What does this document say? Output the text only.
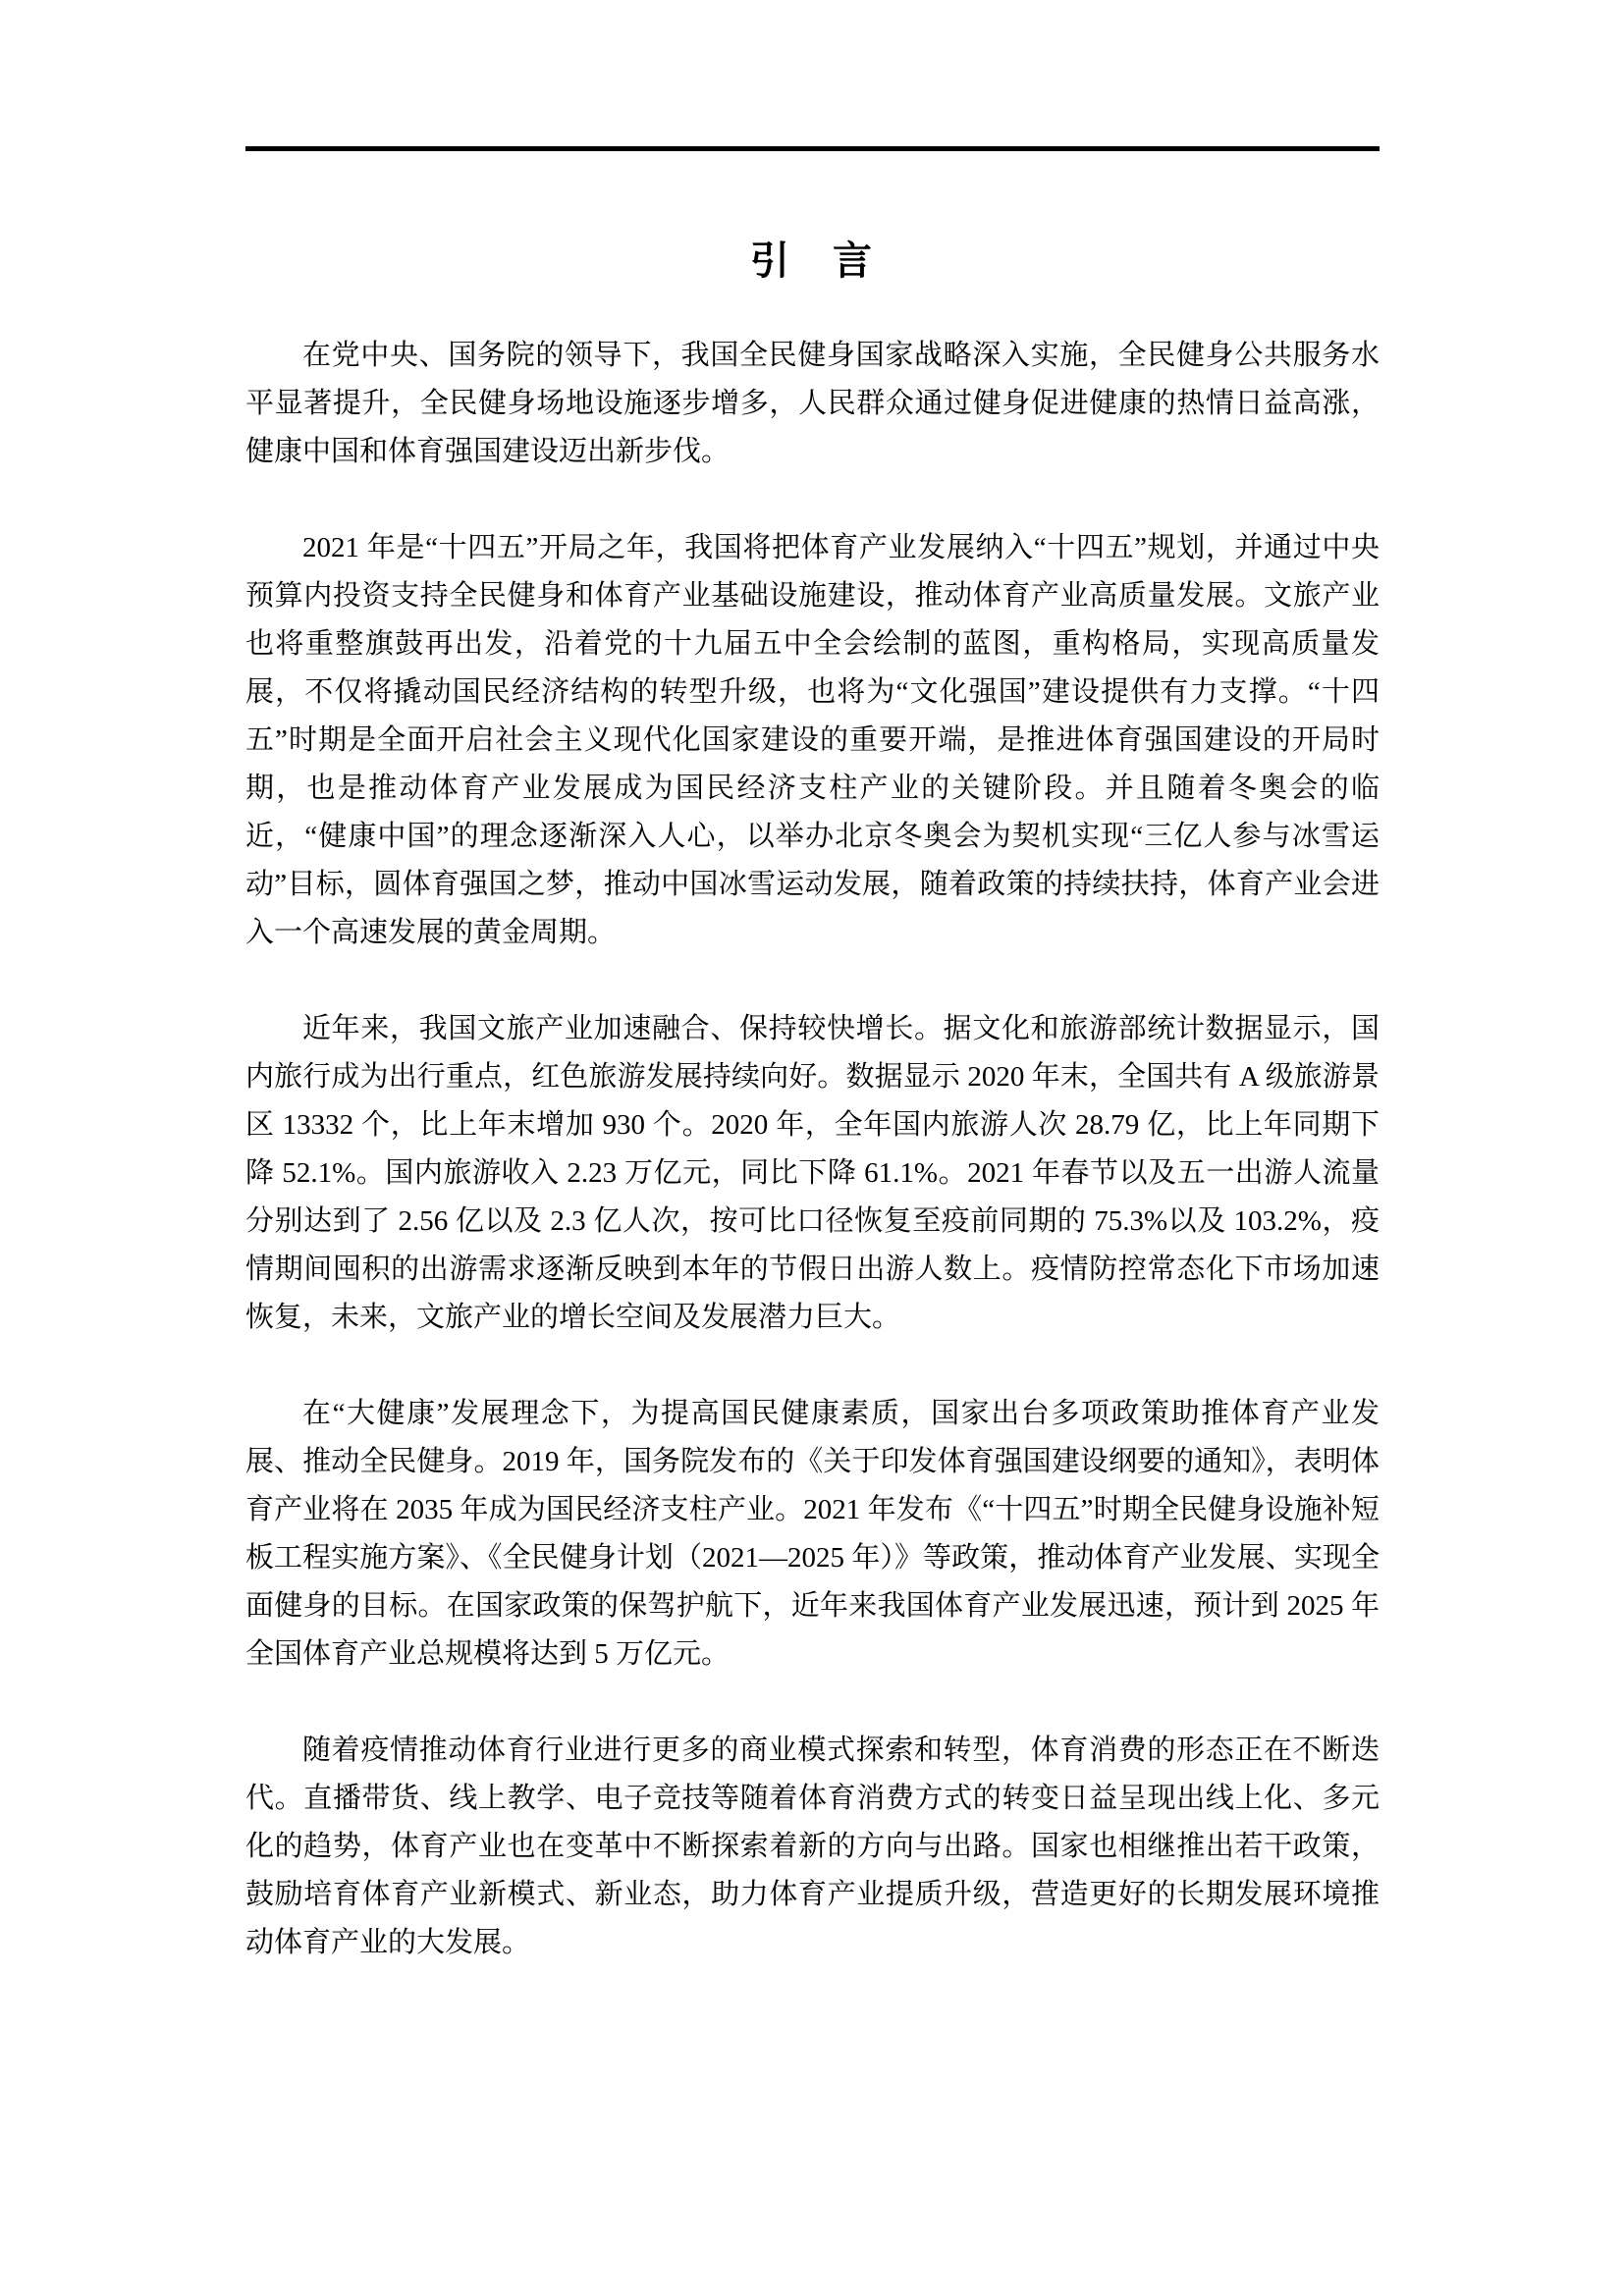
引　言

在党中央、国务院的领导下，我国全民健身国家战略深入实施，全民健身公共服务水平显著提升，全民健身场地设施逐步增多，人民群众通过健身促进健康的热情日益高涨，健康中国和体育强国建设迈出新步伐。

2021 年是“十四五”开局之年，我国将把体育产业发展纳入“十四五”规划，并通过中央预算内投资支持全民健身和体育产业基础设施建设，推动体育产业高质量发展。文旅产业也将重整旗鼓再出发，沿着党的十九届五中全会绘制的蓝图，重构格局，实现高质量发展，不仅将撬动国民经济结构的转型升级，也将为“文化强国”建设提供有力支撑。“十四五”时期是全面开启社会主义现代化国家建设的重要开端，是推进体育强国建设的开局时期，也是推动体育产业发展成为国民经济支柱产业的关键阶段。并且随着冬奥会的临近，“健康中国”的理念逐渐深入人心，以举办北京冬奥会为契机实现“三亿人参与冰雪运动”目标，圆体育强国之梦，推动中国冰雪运动发展，随着政策的持续扶持，体育产业会进入一个高速发展的黄金周期。

近年来，我国文旅产业加速融合、保持较快增长。据文化和旅游部统计数据显示，国内旅行成为出行重点，红色旅游发展持续向好。数据显示 2020 年末，全国共有 A 级旅游景区 13332 个，比上年末增加 930 个。2020 年，全年国内旅游人次 28.79 亿，比上年同期下降 52.1%。国内旅游收入 2.23 万亿元，同比下降 61.1%。2021 年春节以及五一出游人流量分别达到了 2.56 亿以及 2.3 亿人次，按可比口径恢复至疫前同期的 75.3%以及 103.2%，疫情期间囤积的出游需求逐渐反映到本年的节假日出游人数上。疫情防控常态化下市场加速恢复，未来，文旅产业的增长空间及发展潜力巨大。

在“大健康”发展理念下，为提高国民健康素质，国家出台多项政策助推体育产业发展、推动全民健身。2019 年，国务院发布的《关于印发体育强国建设纲要的通知》，表明体育产业将在 2035 年成为国民经济支柱产业。2021 年发布《“十四五”时期全民健身设施补短板工程实施方案》、《全民健身计划（2021—2025 年）》等政策，推动体育产业发展、实现全面健身的目标。在国家政策的保驾护航下，近年来我国体育产业发展迅速，预计到 2025 年全国体育产业总规模将达到 5 万亿元。

随着疫情推动体育行业进行更多的商业模式探索和转型，体育消费的形态正在不断迭代。直播带货、线上教学、电子竞技等随着体育消费方式的转变日益呈现出线上化、多元化的趋势，体育产业也在变革中不断探索着新的方向与出路。国家也相继推出若干政策，鼓励培育体育产业新模式、新业态，助力体育产业提质升级，营造更好的长期发展环境推动体育产业的大发展。
